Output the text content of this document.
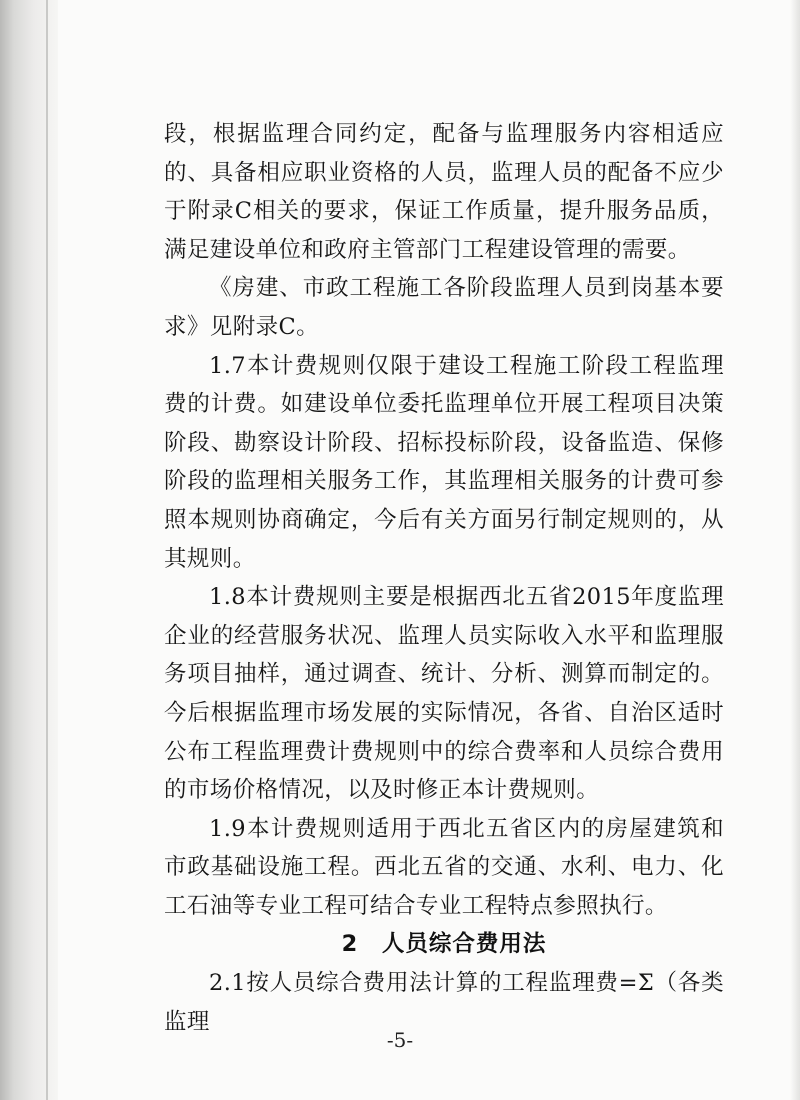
段，根据监理合同约定，配备与监理服务内容相适应的、具备相应职业资格的人员，监理人员的配备不应少于附录C相关的要求，保证工作质量，提升服务品质，满足建设单位和政府主管部门工程建设管理的需要。

《房建、市政工程施工各阶段监理人员到岗基本要求》见附录C。

1.7本计费规则仅限于建设工程施工阶段工程监理费的计费。如建设单位委托监理单位开展工程项目决策阶段、勘察设计阶段、招标投标阶段，设备监造、保修阶段的监理相关服务工作，其监理相关服务的计费可参照本规则协商确定，今后有关方面另行制定规则的，从其规则。

1.8本计费规则主要是根据西北五省2015年度监理企业的经营服务状况、监理人员实际收入水平和监理服务项目抽样，通过调查、统计、分析、测算而制定的。今后根据监理市场发展的实际情况，各省、自治区适时公布工程监理费计费规则中的综合费率和人员综合费用的市场价格情况，以及时修正本计费规则。

1.9本计费规则适用于西北五省区内的房屋建筑和市政基础设施工程。西北五省的交通、水利、电力、化工石油等专业工程可结合专业工程特点参照执行。

2　人员综合费用法

2.1按人员综合费用法计算的工程监理费=Σ（各类监理

-5-
